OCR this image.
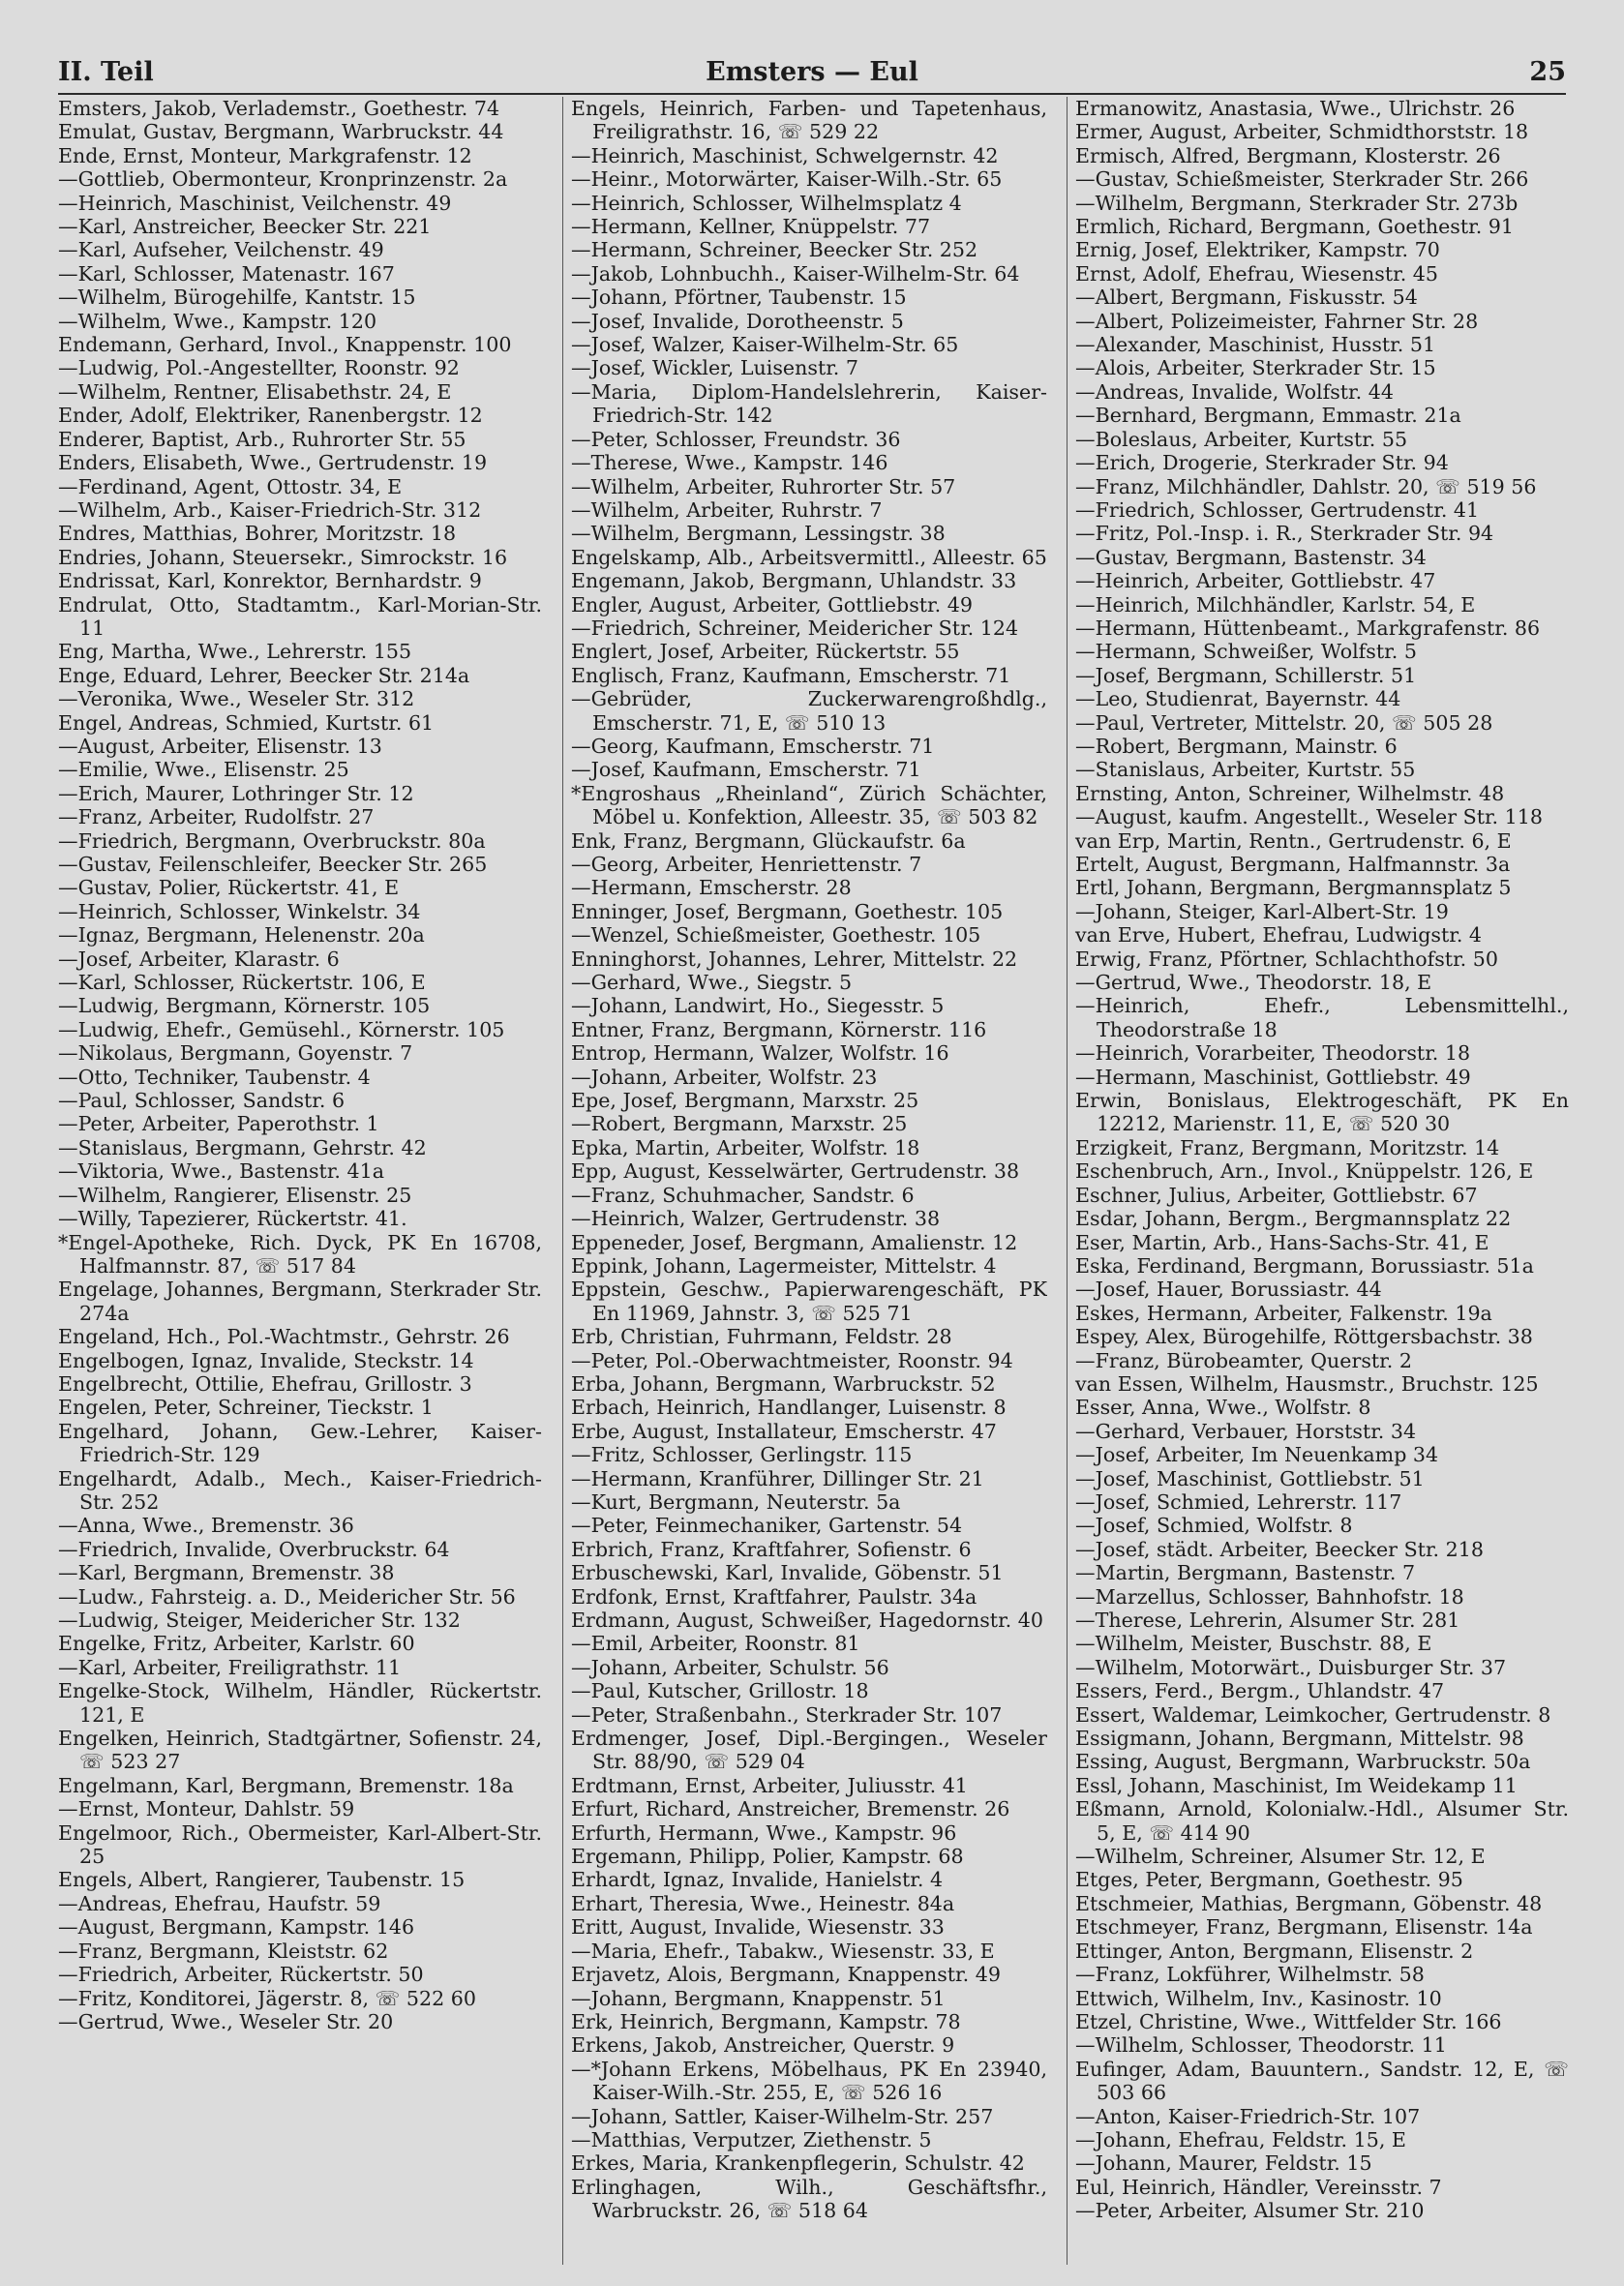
II. Teil	Emsters — Eul	25
Emsters, Jakob, Verlademstr., Goethestr. 74
Emulat, Gustav, Bergmann, Warbruckstr. 44
Ende, Ernst, Monteur, Markgrafenstr. 12
—Gottlieb, Obermonteur, Kronprinzenstr. 2a
—Heinrich, Maschinist, Veilchenstr. 49
—Karl, Anstreicher, Beecker Str. 221
—Karl, Aufseher, Veilchenstr. 49
—Karl, Schlosser, Matenastr. 167
—Wilhelm, Bürogehilfe, Kantstr. 15
—Wilhelm, Wwe., Kampstr. 120
Endemann, Gerhard, Invol., Knappenstr. 100
—Ludwig, Pol.-Angestellter, Roonstr. 92
—Wilhelm, Rentner, Elisabethstr. 24, E
Ender, Adolf, Elektriker, Ranenbergstr. 12
Enderer, Baptist, Arb., Ruhrorter Str. 55
Enders, Elisabeth, Wwe., Gertrudenstr. 19
—Ferdinand, Agent, Ottostr. 34, E
—Wilhelm, Arb., Kaiser-Friedrich-Str. 312
Endres, Matthias, Bohrer, Moritzstr. 18
Endries, Johann, Steuersekr., Simrockstr. 16
Endrissat, Karl, Konrektor, Bernhardstr. 9
Endrulat, Otto, Stadtamtm., Karl-Morian-Str. 11
Eng, Martha, Wwe., Lehrerstr. 155
Enge, Eduard, Lehrer, Beecker Str. 214a
—Veronika, Wwe., Weseler Str. 312
Engel, Andreas, Schmied, Kurtstr. 61
—August, Arbeiter, Elisenstr. 13
—Emilie, Wwe., Elisenstr. 25
—Erich, Maurer, Lothringer Str. 12
—Franz, Arbeiter, Rudolfstr. 27
—Friedrich, Bergmann, Overbruckstr. 80a
—Gustav, Feilenschleifer, Beecker Str. 265
—Gustav, Polier, Rückertstr. 41, E
—Heinrich, Schlosser, Winkelstr. 34
—Ignaz, Bergmann, Helenenstr. 20a
—Josef, Arbeiter, Klarastr. 6
—Karl, Schlosser, Rückertstr. 106, E
—Ludwig, Bergmann, Körnerstr. 105
—Ludwig, Ehefr., Gemüsehl., Körnerstr. 105
—Nikolaus, Bergmann, Goyenstr. 7
—Otto, Techniker, Taubenstr. 4
—Paul, Schlosser, Sandstr. 6
—Peter, Arbeiter, Paperothstr. 1
—Stanislaus, Bergmann, Gehrstr. 42
—Viktoria, Wwe., Bastenstr. 41a
—Wilhelm, Rangierer, Elisenstr. 25
—Willy, Tapezierer, Rückertstr. 41.
*Engel-Apotheke, Rich. Dyck, PK En 16708, Halfmannstr. 87, ☏ 517 84
Engelage, Johannes, Bergmann, Sterkrader Str. 274a
Engeland, Hch., Pol.-Wachtmstr., Gehrstr. 26
Engelbogen, Ignaz, Invalide, Steckstr. 14
Engelbrecht, Ottilie, Ehefrau, Grillostr. 3
Engelen, Peter, Schreiner, Tieckstr. 1
Engelhard, Johann, Gew.-Lehrer, Kaiser-Friedrich-Str. 129
Engelhardt, Adalb., Mech., Kaiser-Friedrich-Str. 252
—Anna, Wwe., Bremenstr. 36
—Friedrich, Invalide, Overbruckstr. 64
—Karl, Bergmann, Bremenstr. 38
—Ludw., Fahrsteig. a. D., Meidericher Str. 56
—Ludwig, Steiger, Meidericher Str. 132
Engelke, Fritz, Arbeiter, Karlstr. 60
—Karl, Arbeiter, Freiligrathstr. 11
Engelke-Stock, Wilhelm, Händler, Rückertstr. 121, E
Engelken, Heinrich, Stadtgärtner, Sofienstr. 24, ☏ 523 27
Engelmann, Karl, Bergmann, Bremenstr. 18a
—Ernst, Monteur, Dahlstr. 59
Engelmoor, Rich., Obermeister, Karl-Albert-Str. 25
Engels, Albert, Rangierer, Taubenstr. 15
—Andreas, Ehefrau, Haufstr. 59
—August, Bergmann, Kampstr. 146
—Franz, Bergmann, Kleiststr. 62
—Friedrich, Arbeiter, Rückertstr. 50
—Fritz, Konditorei, Jägerstr. 8, ☏ 522 60
—Gertrud, Wwe., Weseler Str. 20
Engels, Heinrich, Farben- und Tapetenhaus, Freiligrathstr. 16, ☏ 529 22
—Heinrich, Maschinist, Schwelgernstr. 42
—Heinr., Motorwärter, Kaiser-Wilh.-Str. 65
—Heinrich, Schlosser, Wilhelmsplatz 4
—Hermann, Kellner, Knüppelstr. 77
—Hermann, Schreiner, Beecker Str. 252
—Jakob, Lohnbuchh., Kaiser-Wilhelm-Str. 64
—Johann, Pförtner, Taubenstr. 15
—Josef, Invalide, Dorotheenstr. 5
—Josef, Walzer, Kaiser-Wilhelm-Str. 65
—Josef, Wickler, Luisenstr. 7
—Maria, Diplom-Handelslehrerin, Kaiser-Friedrich-Str. 142
—Peter, Schlosser, Freundstr. 36
—Therese, Wwe., Kampstr. 146
—Wilhelm, Arbeiter, Ruhrorter Str. 57
—Wilhelm, Arbeiter, Ruhrstr. 7
—Wilhelm, Bergmann, Lessingstr. 38
Engelskamp, Alb., Arbeitsvermittl., Alleestr. 65
Engemann, Jakob, Bergmann, Uhlandstr. 33
Engler, August, Arbeiter, Gottliebstr. 49
—Friedrich, Schreiner, Meidericher Str. 124
Englert, Josef, Arbeiter, Rückertstr. 55
Englisch, Franz, Kaufmann, Emscherstr. 71
—Gebrüder, Zuckerwarengroßhdlg., Emscherstr. 71, E, ☏ 510 13
—Georg, Kaufmann, Emscherstr. 71
—Josef, Kaufmann, Emscherstr. 71
*Engroshaus „Rheinland“, Zürich Schächter, Möbel u. Konfektion, Alleestr. 35, ☏ 503 82
Enk, Franz, Bergmann, Glückaufstr. 6a
—Georg, Arbeiter, Henriettenstr. 7
—Hermann, Emscherstr. 28
Enninger, Josef, Bergmann, Goethestr. 105
—Wenzel, Schießmeister, Goethestr. 105
Enninghorst, Johannes, Lehrer, Mittelstr. 22
—Gerhard, Wwe., Siegstr. 5
—Johann, Landwirt, Ho., Siegesstr. 5
Entner, Franz, Bergmann, Körnerstr. 116
Entrop, Hermann, Walzer, Wolfstr. 16
—Johann, Arbeiter, Wolfstr. 23
Epe, Josef, Bergmann, Marxstr. 25
—Robert, Bergmann, Marxstr. 25
Epka, Martin, Arbeiter, Wolfstr. 18
Epp, August, Kesselwärter, Gertrudenstr. 38
—Franz, Schuhmacher, Sandstr. 6
—Heinrich, Walzer, Gertrudenstr. 38
Eppeneder, Josef, Bergmann, Amalienstr. 12
Eppink, Johann, Lagermeister, Mittelstr. 4
Eppstein, Geschw., Papierwarengeschäft, PK En 11969, Jahnstr. 3, ☏ 525 71
Erb, Christian, Fuhrmann, Feldstr. 28
—Peter, Pol.-Oberwachtmeister, Roonstr. 94
Erba, Johann, Bergmann, Warbruckstr. 52
Erbach, Heinrich, Handlanger, Luisenstr. 8
Erbe, August, Installateur, Emscherstr. 47
—Fritz, Schlosser, Gerlingstr. 115
—Hermann, Kranführer, Dillinger Str. 21
—Kurt, Bergmann, Neuterstr. 5a
—Peter, Feinmechaniker, Gartenstr. 54
Erbrich, Franz, Kraftfahrer, Sofienstr. 6
Erbuschewski, Karl, Invalide, Göbenstr. 51
Erdfonk, Ernst, Kraftfahrer, Paulstr. 34a
Erdmann, August, Schweißer, Hagedornstr. 40
—Emil, Arbeiter, Roonstr. 81
—Johann, Arbeiter, Schulstr. 56
—Paul, Kutscher, Grillostr. 18
—Peter, Straßenbahn., Sterkrader Str. 107
Erdmenger, Josef, Dipl.-Bergingen., Weseler Str. 88/90, ☏ 529 04
Erdtmann, Ernst, Arbeiter, Juliusstr. 41
Erfurt, Richard, Anstreicher, Bremenstr. 26
Erfurth, Hermann, Wwe., Kampstr. 96
Ergemann, Philipp, Polier, Kampstr. 68
Erhardt, Ignaz, Invalide, Hanielstr. 4
Erhart, Theresia, Wwe., Heinestr. 84a
Eritt, August, Invalide, Wiesenstr. 33
—Maria, Ehefr., Tabakw., Wiesenstr. 33, E
Erjavetz, Alois, Bergmann, Knappenstr. 49
—Johann, Bergmann, Knappenstr. 51
Erk, Heinrich, Bergmann, Kampstr. 78
Erkens, Jakob, Anstreicher, Querstr. 9
—*Johann Erkens, Möbelhaus, PK En 23940, Kaiser-Wilh.-Str. 255, E, ☏ 526 16
—Johann, Sattler, Kaiser-Wilhelm-Str. 257
—Matthias, Verputzer, Ziethenstr. 5
Erkes, Maria, Krankenpflegerin, Schulstr. 42
Erlinghagen, Wilh., Geschäftsfhr., Warbruckstr. 26, ☏ 518 64
Ermanowitz, Anastasia, Wwe., Ulrichstr. 26
Ermer, August, Arbeiter, Schmidthorststr. 18
Ermisch, Alfred, Bergmann, Klosterstr. 26
—Gustav, Schießmeister, Sterkrader Str. 266
—Wilhelm, Bergmann, Sterkrader Str. 273b
Ermlich, Richard, Bergmann, Goethestr. 91
Ernig, Josef, Elektriker, Kampstr. 70
Ernst, Adolf, Ehefrau, Wiesenstr. 45
—Albert, Bergmann, Fiskusstr. 54
—Albert, Polizeimeister, Fahrner Str. 28
—Alexander, Maschinist, Husstr. 51
—Alois, Arbeiter, Sterkrader Str. 15
—Andreas, Invalide, Wolfstr. 44
—Bernhard, Bergmann, Emmastr. 21a
—Boleslaus, Arbeiter, Kurtstr. 55
—Erich, Drogerie, Sterkrader Str. 94
—Franz, Milchhändler, Dahlstr. 20, ☏ 519 56
—Friedrich, Schlosser, Gertrudenstr. 41
—Fritz, Pol.-Insp. i. R., Sterkrader Str. 94
—Gustav, Bergmann, Bastenstr. 34
—Heinrich, Arbeiter, Gottliebstr. 47
—Heinrich, Milchhändler, Karlstr. 54, E
—Hermann, Hüttenbeamt., Markgrafenstr. 86
—Hermann, Schweißer, Wolfstr. 5
—Josef, Bergmann, Schillerstr. 51
—Leo, Studienrat, Bayernstr. 44
—Paul, Vertreter, Mittelstr. 20, ☏ 505 28
—Robert, Bergmann, Mainstr. 6
—Stanislaus, Arbeiter, Kurtstr. 55
Ernsting, Anton, Schreiner, Wilhelmstr. 48
—August, kaufm. Angestellt., Weseler Str. 118
van Erp, Martin, Rentn., Gertrudenstr. 6, E
Ertelt, August, Bergmann, Halfmannstr. 3a
Ertl, Johann, Bergmann, Bergmannsplatz 5
—Johann, Steiger, Karl-Albert-Str. 19
van Erve, Hubert, Ehefrau, Ludwigstr. 4
Erwig, Franz, Pförtner, Schlachthofstr. 50
—Gertrud, Wwe., Theodorstr. 18, E
—Heinrich, Ehefr., Lebensmittelhl., Theodorstraße 18
—Heinrich, Vorarbeiter, Theodorstr. 18
—Hermann, Maschinist, Gottliebstr. 49
Erwin, Bonislaus, Elektrogeschäft, PK En 12212, Marienstr. 11, E, ☏ 520 30
Erzigkeit, Franz, Bergmann, Moritzstr. 14
Eschenbruch, Arn., Invol., Knüppelstr. 126, E
Eschner, Julius, Arbeiter, Gottliebstr. 67
Esdar, Johann, Bergm., Bergmannsplatz 22
Eser, Martin, Arb., Hans-Sachs-Str. 41, E
Eska, Ferdinand, Bergmann, Borussiastr. 51a
—Josef, Hauer, Borussiastr. 44
Eskes, Hermann, Arbeiter, Falkenstr. 19a
Espey, Alex, Bürogehilfe, Röttgersbachstr. 38
—Franz, Bürobeamter, Querstr. 2
van Essen, Wilhelm, Hausmstr., Bruchstr. 125
Esser, Anna, Wwe., Wolfstr. 8
—Gerhard, Verbauer, Horststr. 34
—Josef, Arbeiter, Im Neuenkamp 34
—Josef, Maschinist, Gottliebstr. 51
—Josef, Schmied, Lehrerstr. 117
—Josef, Schmied, Wolfstr. 8
—Josef, städt. Arbeiter, Beecker Str. 218
—Martin, Bergmann, Bastenstr. 7
—Marzellus, Schlosser, Bahnhofstr. 18
—Therese, Lehrerin, Alsumer Str. 281
—Wilhelm, Meister, Buschstr. 88, E
—Wilhelm, Motorwärt., Duisburger Str. 37
Essers, Ferd., Bergm., Uhlandstr. 47
Essert, Waldemar, Leimkocher, Gertrudenstr. 8
Essigmann, Johann, Bergmann, Mittelstr. 98
Essing, August, Bergmann, Warbruckstr. 50a
Essl, Johann, Maschinist, Im Weidekamp 11
Eßmann, Arnold, Kolonialw.-Hdl., Alsumer Str. 5, E, ☏ 414 90
—Wilhelm, Schreiner, Alsumer Str. 12, E
Etges, Peter, Bergmann, Goethestr. 95
Etschmeier, Mathias, Bergmann, Göbenstr. 48
Etschmeyer, Franz, Bergmann, Elisenstr. 14a
Ettinger, Anton, Bergmann, Elisenstr. 2
—Franz, Lokführer, Wilhelmstr. 58
Ettwich, Wilhelm, Inv., Kasinostr. 10
Etzel, Christine, Wwe., Wittfelder Str. 166
—Wilhelm, Schlosser, Theodorstr. 11
Eufinger, Adam, Bauuntern., Sandstr. 12, E, ☏ 503 66
—Anton, Kaiser-Friedrich-Str. 107
—Johann, Ehefrau, Feldstr. 15, E
—Johann, Maurer, Feldstr. 15
Eul, Heinrich, Händler, Vereinsstr. 7
—Peter, Arbeiter, Alsumer Str. 210
